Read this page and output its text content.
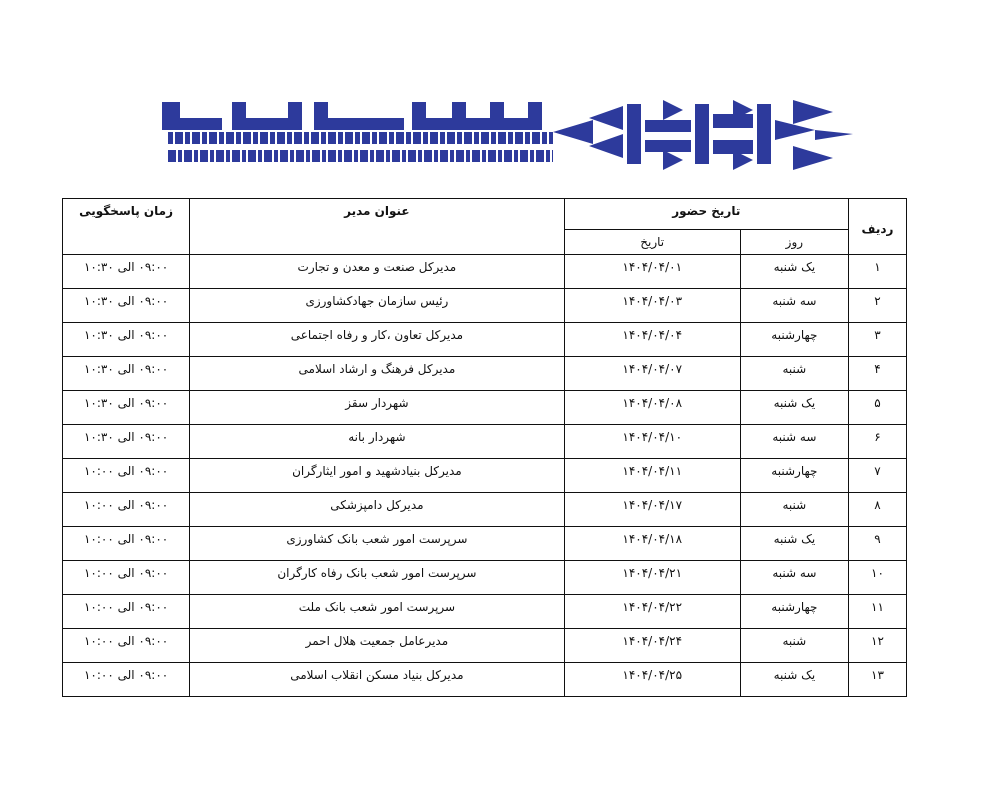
ردیف	تاریخ حضور		عنوان مدیر	زمان پاسخگویی
	روز	تاریخ		
۱	یک شنبه	۱۴۰۴/۰۴/۰۱	مدیرکل صنعت و معدن و تجارت	۰۹:۰۰ الی ۱۰:۳۰
۲	سه شنبه	۱۴۰۴/۰۴/۰۳	رئیس سازمان جهادکشاورزی	۰۹:۰۰ الی ۱۰:۳۰
۳	چهارشنبه	۱۴۰۴/۰۴/۰۴	مدیرکل تعاون ،کار و رفاه اجتماعی	۰۹:۰۰ الی ۱۰:۳۰
۴	شنبه	۱۴۰۴/۰۴/۰۷	مدیرکل فرهنگ و ارشاد اسلامی	۰۹:۰۰ الی ۱۰:۳۰
۵	یک شنبه	۱۴۰۴/۰۴/۰۸	شهردار سقز	۰۹:۰۰ الی ۱۰:۳۰
۶	سه شنبه	۱۴۰۴/۰۴/۱۰	شهردار بانه	۰۹:۰۰ الی ۱۰:۳۰
۷	چهارشنبه	۱۴۰۴/۰۴/۱۱	مدیرکل بنیادشهید و امور ایثارگران	۰۹:۰۰ الی ۱۰:۰۰
۸	شنبه	۱۴۰۴/۰۴/۱۷	مدیرکل دامپزشکی	۰۹:۰۰ الی ۱۰:۰۰
۹	یک شنبه	۱۴۰۴/۰۴/۱۸	سرپرست امور شعب بانک کشاورزی	۰۹:۰۰ الی ۱۰:۰۰
۱۰	سه شنبه	۱۴۰۴/۰۴/۲۱	سرپرست امور شعب بانک رفاه کارگران	۰۹:۰۰ الی ۱۰:۰۰
۱۱	چهارشنبه	۱۴۰۴/۰۴/۲۲	سرپرست امور شعب بانک ملت	۰۹:۰۰ الی ۱۰:۰۰
۱۲	شنبه	۱۴۰۴/۰۴/۲۴	مدیرعامل جمعیت هلال احمر	۰۹:۰۰ الی ۱۰:۰۰
۱۳	یک شنبه	۱۴۰۴/۰۴/۲۵	مدیرکل بنیاد مسکن انقلاب اسلامی	۰۹:۰۰ الی ۱۰:۰۰
